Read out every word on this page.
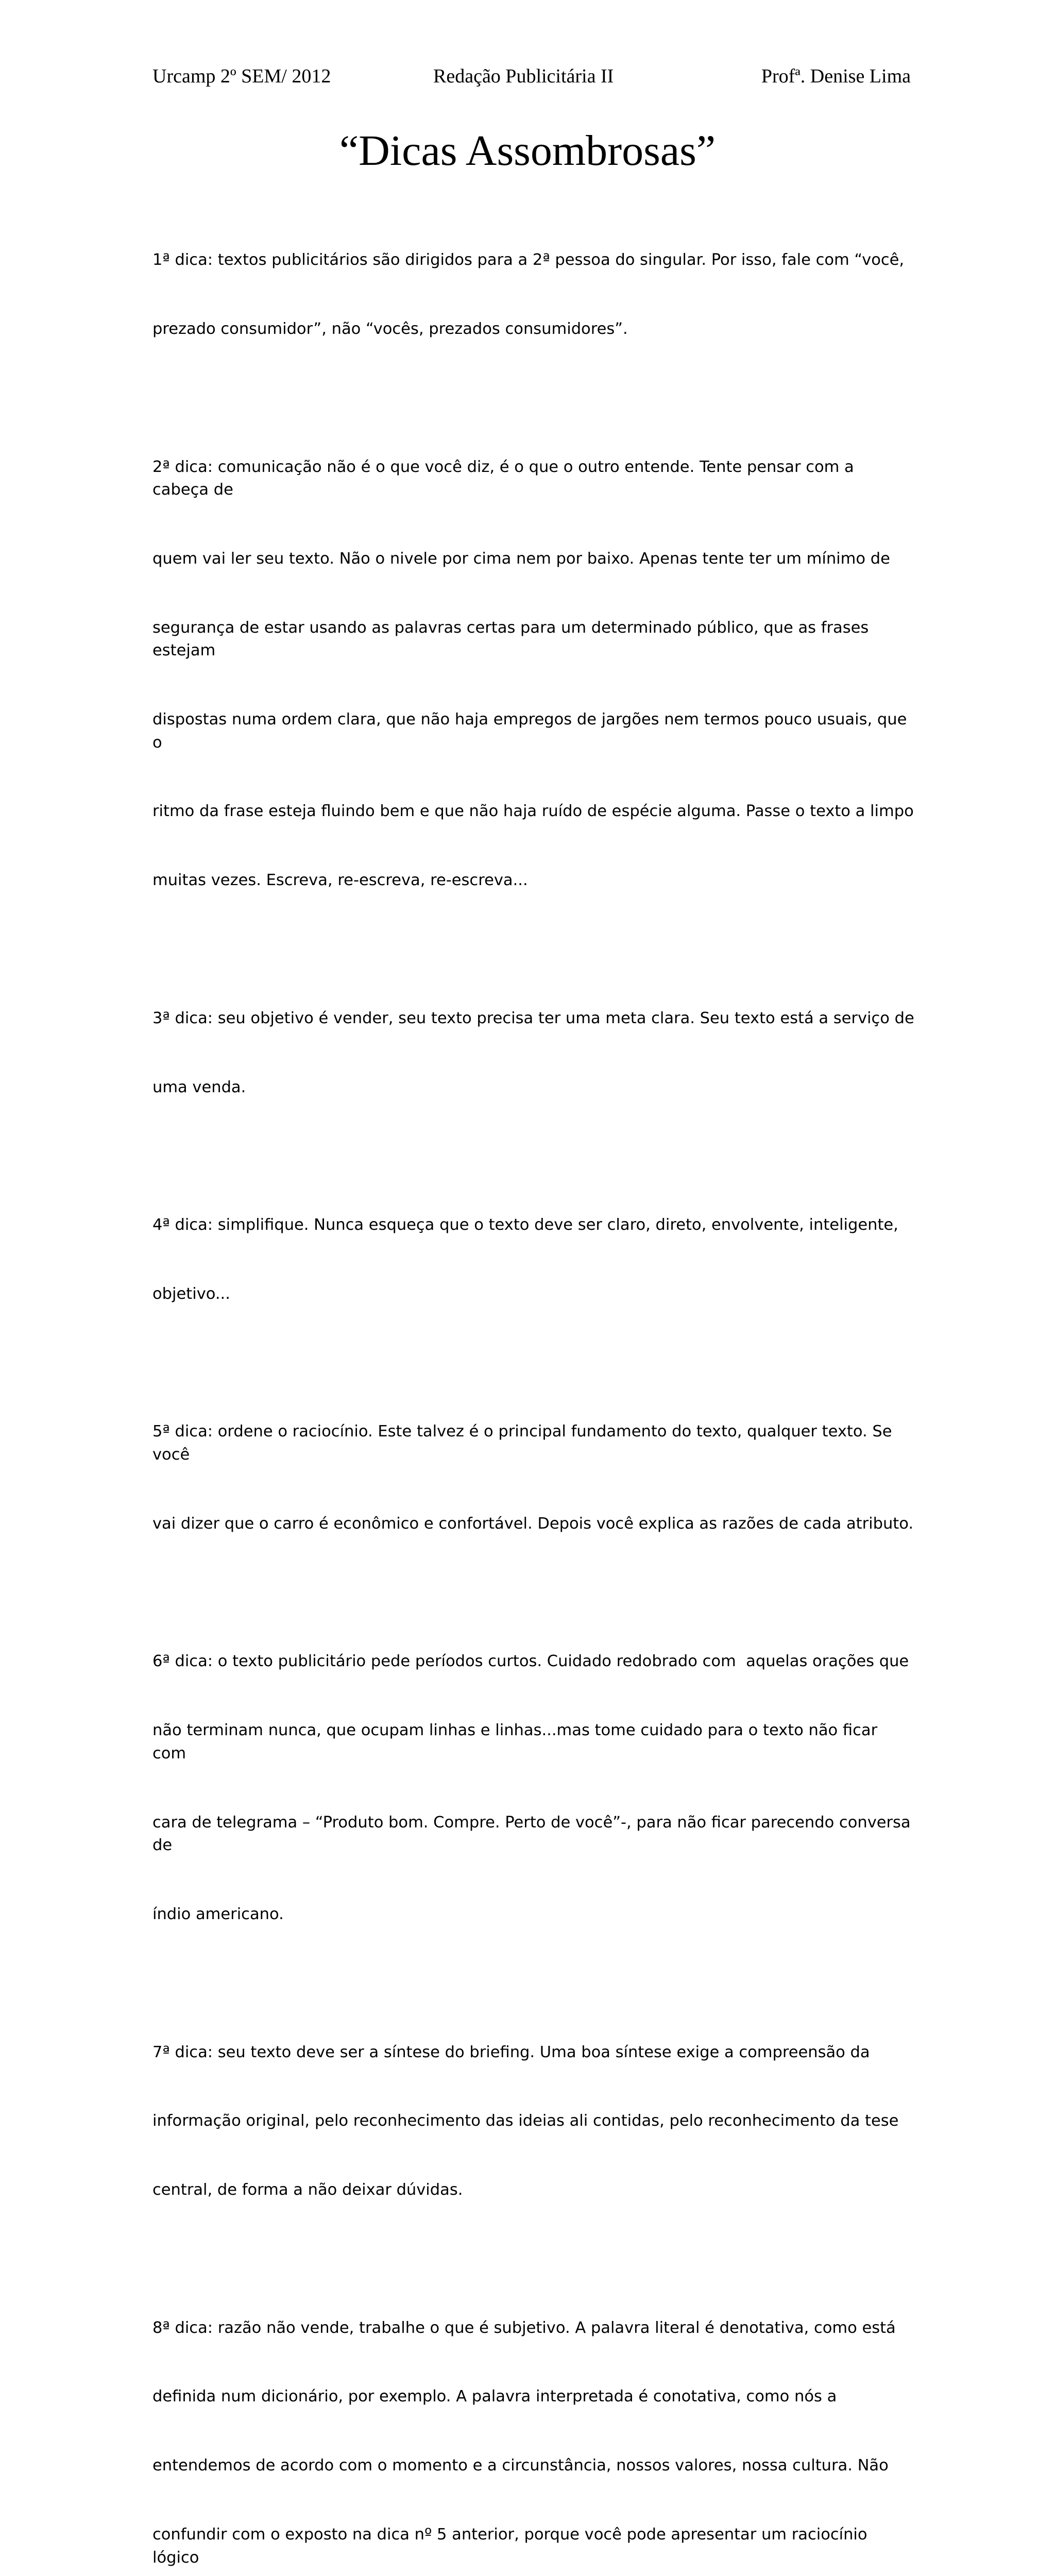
Urcamp 2º SEM/ 2012	Redação Publicitária II	Profª. Denise Lima
“Dicas Assombrosas”

1ª dica: textos publicitários são dirigidos para a 2ª pessoa do singular. Por isso, fale com “você,

prezado consumidor”, não “vocês, prezados consumidores”.

2ª dica: comunicação não é o que você diz, é o que o outro entende. Tente pensar com a cabeça de

quem vai ler seu texto. Não o nivele por cima nem por baixo. Apenas tente ter um mínimo de

segurança de estar usando as palavras certas para um determinado público, que as frases estejam

dispostas numa ordem clara, que não haja empregos de jargões nem termos pouco usuais, que o

ritmo da frase esteja fluindo bem e que não haja ruído de espécie alguma. Passe o texto a limpo

muitas vezes. Escreva, re-escreva, re-escreva...

3ª dica: seu objetivo é vender, seu texto precisa ter uma meta clara. Seu texto está a serviço de

uma venda.

4ª dica: simplifique. Nunca esqueça que o texto deve ser claro, direto, envolvente, inteligente,

objetivo...

5ª dica: ordene o raciocínio. Este talvez é o principal fundamento do texto, qualquer texto. Se você

vai dizer que o carro é econômico e confortável. Depois você explica as razões de cada atributo.

6ª dica: o texto publicitário pede períodos curtos. Cuidado redobrado com  aquelas orações que

não terminam nunca, que ocupam linhas e linhas...mas tome cuidado para o texto não ficar com

cara de telegrama – “Produto bom. Compre. Perto de você”-, para não ficar parecendo conversa de

índio americano.

7ª dica: seu texto deve ser a síntese do briefing. Uma boa síntese exige a compreensão da

informação original, pelo reconhecimento das ideias ali contidas, pelo reconhecimento da tese

central, de forma a não deixar dúvidas.

8ª dica: razão não vende, trabalhe o que é subjetivo. A palavra literal é denotativa, como está

definida num dicionário, por exemplo. A palavra interpretada é conotativa, como nós a

entendemos de acordo com o momento e a circunstância, nossos valores, nossa cultura. Não

confundir com o exposto na dica nº 5 anterior, porque você pode apresentar um raciocínio lógico
